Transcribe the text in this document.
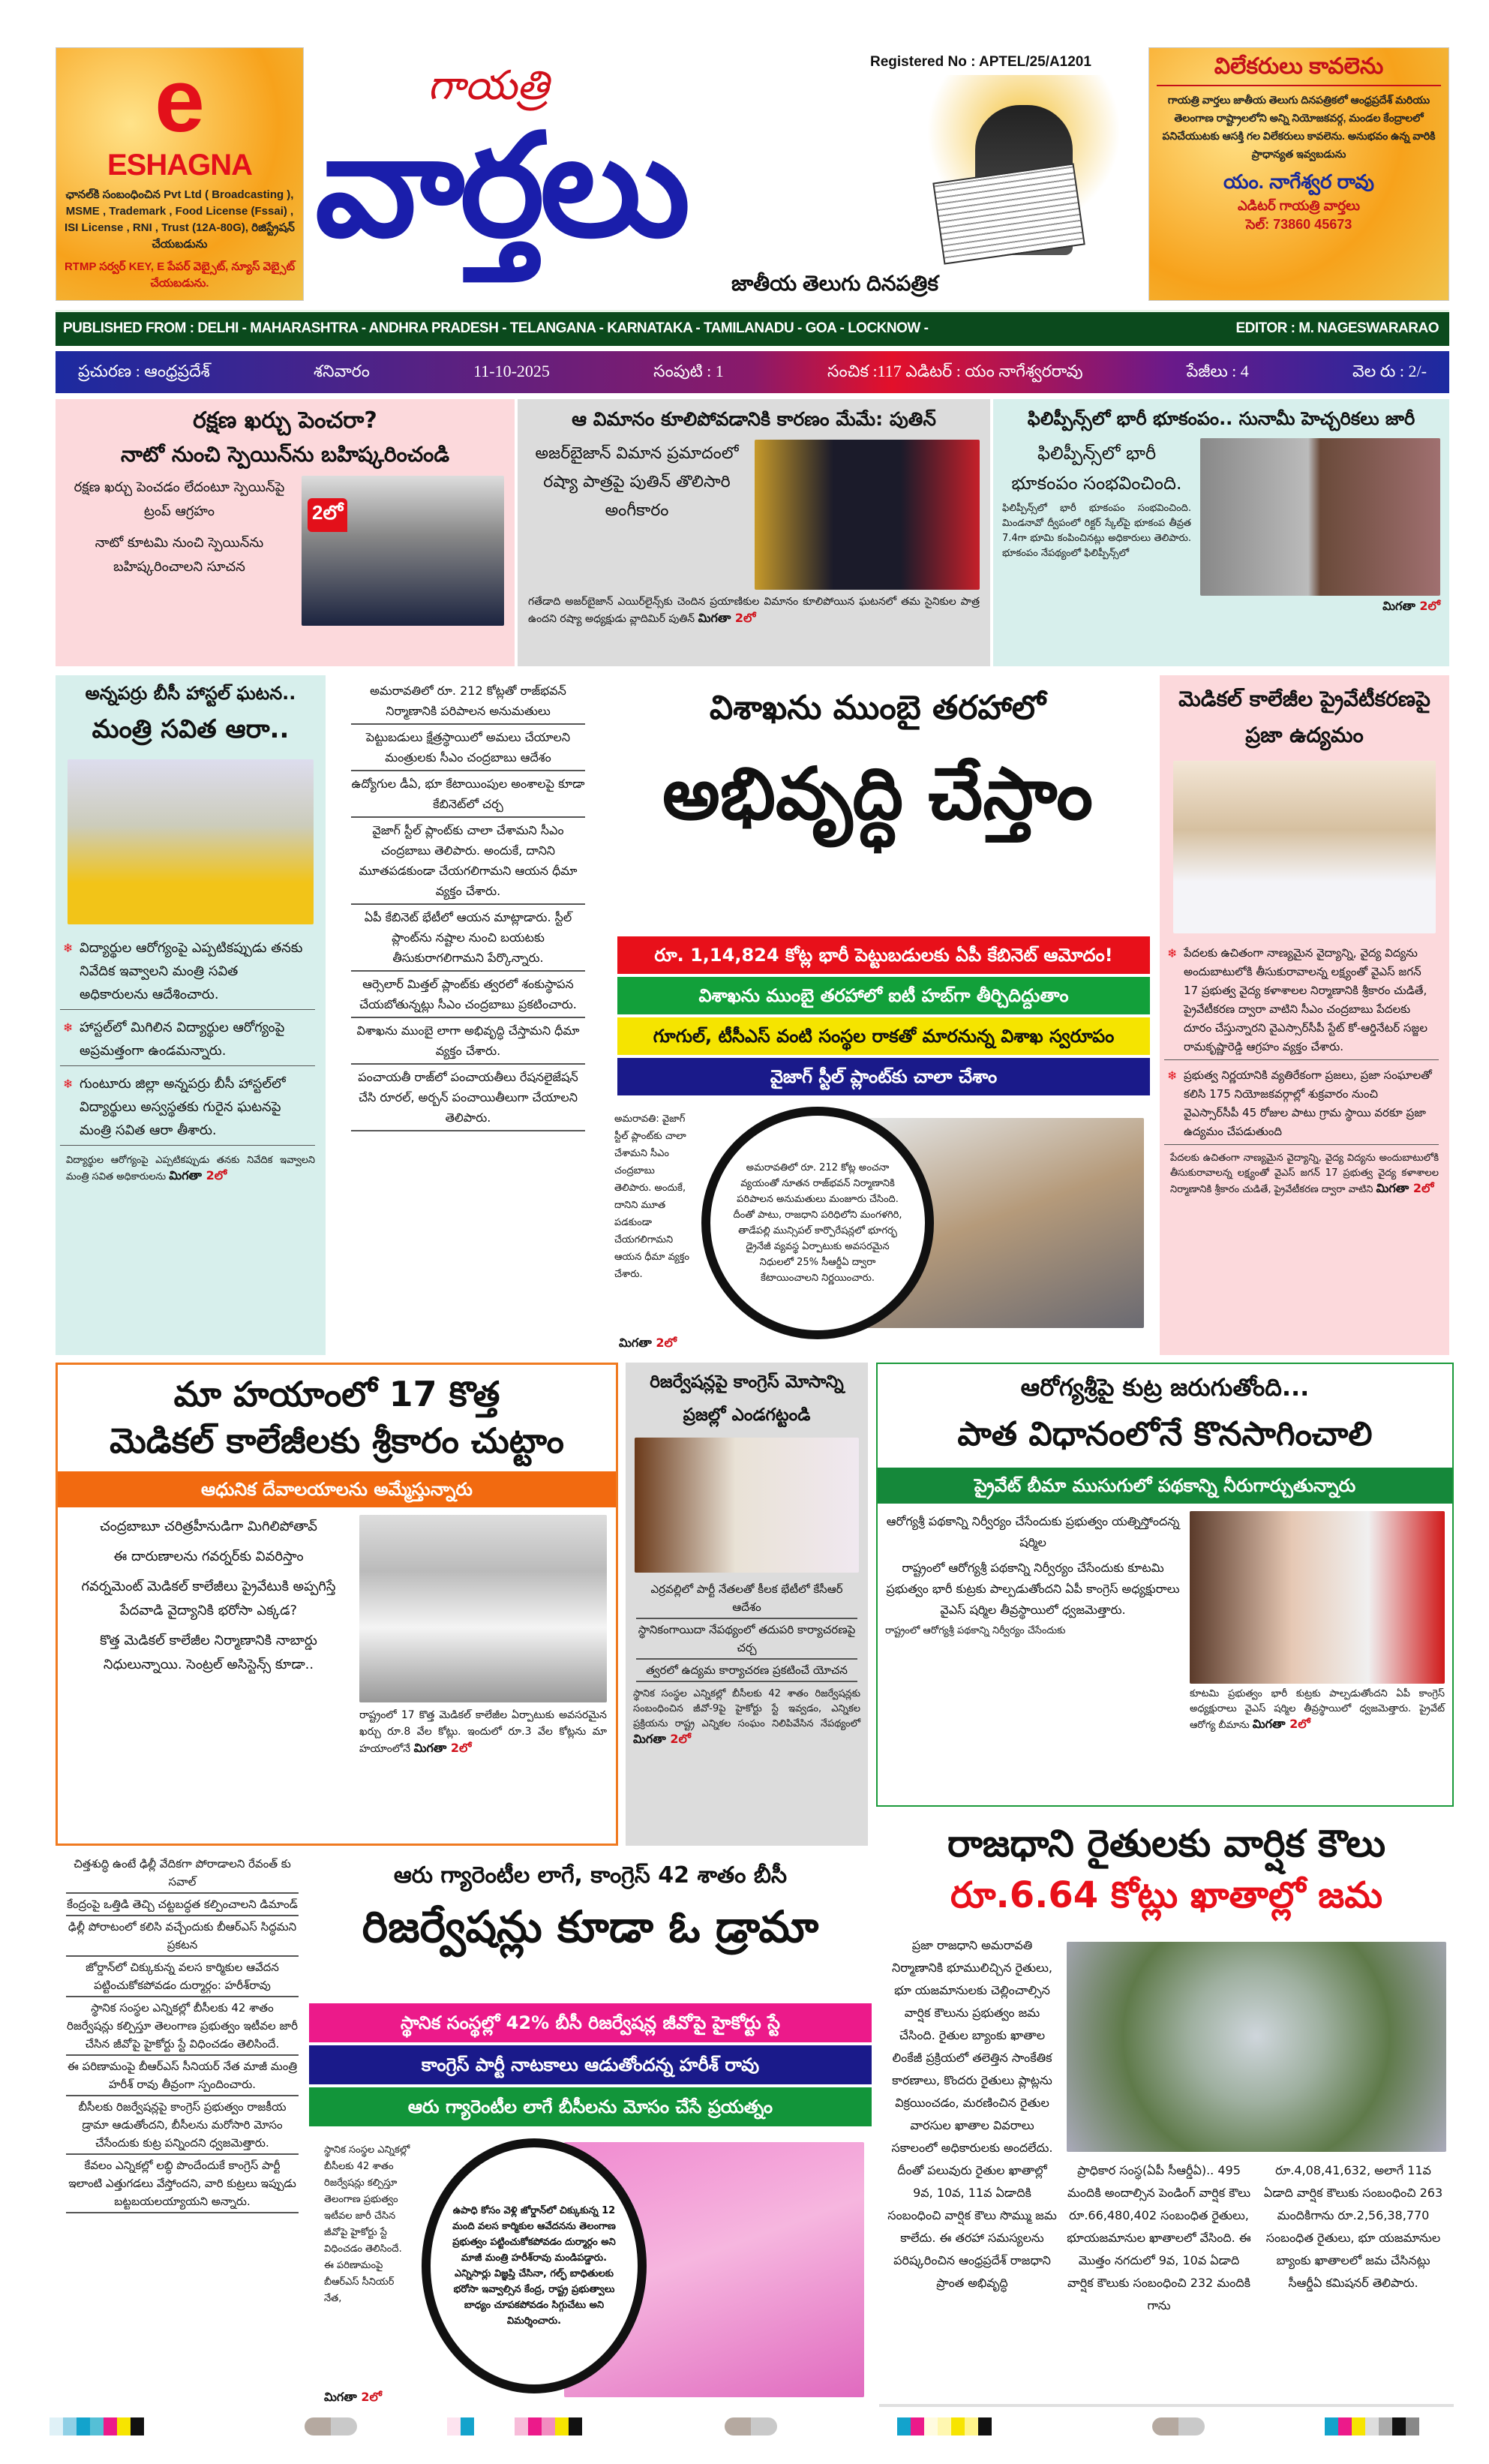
e
ESHAGNA
ఛానల్‌కి సంబంధించిన Pvt Ltd ( Broadcasting ), MSME , Trademark , Food License (Fssai) , ISI License , RNI , Trust (12A-80G), రిజిస్ట్రేషన్ చేయబడును
RTMP సర్వర్ KEY, E పేపర్ వెబ్సైట్, న్యూస్ వెబ్సైట్ చేయబడును.
Registered No : APTEL/25/A1201
గాయత్రి
వార్తలు
జాతీయ తెలుగు దినపత్రిక
విలేకరులు కావలెను
గాయత్రి వార్తలు జాతీయ తెలుగు దినపత్రికలో ఆంధ్రప్రదేశ్ మరియు తెలంగాణ రాష్ట్రాలలోని అన్ని నియోజకవర్గ, మండల కేంద్రాలలో పనిచేయుటకు ఆసక్తి గల విలేకరులు కావలెను. అనుభవం ఉన్న వారికి ప్రాధాన్యత ఇవ్వబడును
యం. నాగేశ్వర రావు
ఎడిటర్ గాయత్రి వార్తలు
సెల్: 73860 45673
PUBLISHED FROM : DELHI - MAHARASHTRA - ANDHRA PRADESH - TELANGANA - KARNATAKA - TAMILANADU - GOA - LOCKNOW -	EDITOR : M. NAGESWARARAO
ప్రచురణ : ఆంధ్రప్రదేశ్	శనివారం	11-10-2025	సంపుటి : 1	సంచిక :117 ఎడిటర్ : యం నాగేశ్వరరావు	పేజీలు : 4	వెల రు : 2/-
రక్షణ ఖర్చు పెంచరా?
నాటో నుంచి స్పెయిన్‌ను బహిష్కరించండి
రక్షణ ఖర్చు పెంచడం లేదంటూ స్పెయిన్‌పై ట్రంప్ ఆగ్రహం
నాటో కూటమి నుంచి స్పెయిన్‌ను బహిష్కరించాలని సూచన
2లో
ఆ విమానం కూలిపోవడానికి కారణం మేమే: పుతిన్
అజర్‌బైజాన్ విమాన ప్రమాదంలో రష్యా పాత్రపై పుతిన్ తొలిసారి అంగీకారం
గతేడాది అజర్‌బైజాన్ ఎయిర్‌లైన్స్‌కు చెందిన ప్రయాణికుల విమానం కూలిపోయిన ఘటనలో తమ సైనికుల పాత్ర ఉందని రష్యా అధ్యక్షుడు వ్లాదిమిర్ పుతిన్ మిగతా 2లో
ఫిలిప్పీన్స్‌లో భారీ భూకంపం.. సునామీ హెచ్చరికలు జారీ
ఫిలిప్పీన్స్‌లో భారీ భూకంపం సంభవించింది.
ఫిలిప్పీన్స్‌లో భారీ భూకంపం సంభవించింది. మిండనావో ద్వీపంలో రిక్టర్ స్కేల్‌పై భూకంప తీవ్రత 7.4గా భూమి కంపించినట్లు అధికారులు తెలిపారు. భూకంపం నేపథ్యంలో ఫిలిప్పీన్స్‌లో
మిగతా 2లో
అన్నపర్రు బీసీ హాస్టల్ ఘటన..
మంత్రి సవిత ఆరా..
❄ విద్యార్థుల ఆరోగ్యంపై ఎప్పటికప్పుడు తనకు నివేదిక ఇవ్వాలని మంత్రి సవిత అధికారులను ఆదేశించారు.
❄ హాస్టల్‌లో మిగిలిన విద్యార్థుల ఆరోగ్యంపై అప్రమత్తంగా ఉండమన్నారు.
❄ గుంటూరు జిల్లా అన్నపర్రు బీసీ హాస్టల్‌లో విద్యార్థులు అస్వస్థతకు గురైన ఘటనపై మంత్రి సవిత ఆరా తీశారు.
విద్యార్థుల ఆరోగ్యంపై ఎప్పటికప్పుడు తనకు నివేదిక ఇవ్వాలని మంత్రి సవిత అధికారులను మిగతా 2లో
అమరావతిలో రూ. 212 కోట్లతో రాజ్‌భవన్ నిర్మాణానికి పరిపాలన అనుమతులు
పెట్టుబడులు క్షేత్రస్థాయిలో అమలు చేయాలని మంత్రులకు సీఎం చంద్రబాబు ఆదేశం
ఉద్యోగుల డీఏ, భూ కేటాయింపుల అంశాలపై కూడా కేబినెట్‌లో చర్చ
వైజాగ్ స్టీల్ ప్లాంట్‌కు చాలా చేశామని సీఎం చంద్రబాబు తెలిపారు. అందుకే, దానిని మూతపడకుండా చేయగలిగామని ఆయన ధీమా వ్యక్తం చేశారు.
ఏపీ కేబినెట్ భేటీలో ఆయన మాట్లాడారు. స్టీల్ ప్లాంట్‌ను నష్టాల నుంచి బయటకు తీసుకురాగలిగామని పేర్కొన్నారు.
ఆర్సెలార్ మిత్తల్ ప్లాంట్‌కు త్వరలో శంకుస్థాపన చేయబోతున్నట్లు సీఎం చంద్రబాబు ప్రకటించారు.
విశాఖను ముంబై లాగా అభివృద్ధి చేస్తామని ధీమా వ్యక్తం చేశారు.
పంచాయతీ రాజ్‌లో పంచాయతీలు రేషనలైజేషన్ చేసి రూరల్, అర్బన్ పంచాయితీలుగా చేయాలని తెలిపారు.
విశాఖను ముంబై తరహాలో
అభివృద్ధి చేస్తాం
రూ. 1,14,824 కోట్ల భారీ పెట్టుబడులకు ఏపీ కేబినెట్ ఆమోదం!
విశాఖను ముంబై తరహాలో ఐటీ హబ్‌గా తీర్చిదిద్దుతాం
గూగుల్, టీసీఎస్ వంటి సంస్థల రాకతో మారనున్న విశాఖ స్వరూపం
వైజాగ్ స్టీల్ ప్లాంట్‌కు చాలా చేశాం
అమరావతి: వైజాగ్ స్టీల్ ప్లాంట్‌కు చాలా చేశామని సీఎం చంద్రబాబు తెలిపారు. అందుకే, దానిని మూత పడకుండా చేయగలిగామని ఆయన ధీమా వ్యక్తం చేశారు.
అమరావతిలో రూ. 212 కోట్ల అంచనా వ్యయంతో నూతన రాజ్‌భవన్ నిర్మాణానికి పరిపాలన అనుమతులు మంజూరు చేసింది. దీంతో పాటు, రాజధాని పరిధిలోని మంగళగిరి, తాడేపల్లి మున్సిపల్ కార్పొరేషన్లలో భూగర్భ డ్రైనేజీ వ్యవస్థ ఏర్పాటుకు అవసరమైన నిధులలో 25% సీఆర్డీఏ ద్వారా కేటాయించాలని నిర్ణయించారు.
మిగతా 2లో
మెడికల్ కాలేజీల ప్రైవేటీకరణపై ప్రజా ఉద్యమం
❄ పేదలకు ఉచితంగా నాణ్యమైన వైద్యాన్ని, వైద్య విద్యను అందుబాటులోకి తీసుకురావాలన్న లక్ష్యంతో వైఎస్ జగన్ 17 ప్రభుత్వ వైద్య కళాశాలల నిర్మాణానికి శ్రీకారం చుడితే, ప్రైవేటీకరణ ద్వారా వాటిని సీఎం చంద్రబాబు పేదలకు దూరం చేస్తున్నారని వైఎస్సార్‌సీపీ స్టేట్ కో-ఆర్డినేటర్ సజ్జల రామకృష్ణారెడ్డి ఆగ్రహం వ్యక్తం చేశారు.
❄ ప్రభుత్వ నిర్ణయానికి వ్యతిరేకంగా ప్రజలు, ప్రజా సంఘాలతో కలిసి 175 నియోజకవర్గాల్లో శుక్రవారం నుంచి వైఎస్సార్‌సీపీ 45 రోజుల పాటు గ్రామ స్థాయి వరకూ ప్రజా ఉద్యమం చేపడుతుంది
పేదలకు ఉచితంగా నాణ్యమైన వైద్యాన్ని, వైద్య విద్యను అందుబాటులోకి తీసుకురావాలన్న లక్ష్యంతో వైఎస్ జగన్ 17 ప్రభుత్వ వైద్య కళాశాలల నిర్మాణానికి శ్రీకారం చుడితే, ప్రైవేటీకరణ ద్వారా వాటిని మిగతా 2లో
మా హయాంలో 17 కొత్త
మెడికల్ కాలేజీలకు శ్రీకారం చుట్టాం
ఆధునిక దేవాలయాలను అమ్మేస్తున్నారు
చంద్రబాబూ చరిత్రహీనుడిగా మిగిలిపోతావ్
ఈ దారుణాలను గవర్నర్‌కు వివరిస్తాం
గవర్నమెంట్ మెడికల్ కాలేజీలు ప్రైవేటుకి అప్పగిస్తే పేదవాడి వైద్యానికి భరోసా ఎక్కడ?
కొత్త మెడికల్ కాలేజీల నిర్మాణానికి నాబార్డు నిధులున్నాయి. సెంట్రల్ అసిస్టెన్స్ కూడా..
రాష్ట్రంలో 17 కొత్త మెడికల్ కాలేజీల ఏర్పాటుకు అవసరమైన ఖర్చు రూ.8 వేల కోట్లు. ఇందులో రూ.3 వేల కోట్లను మా హయాంలోనే మిగతా 2లో
రిజర్వేషన్లపై కాంగ్రెస్ మోసాన్ని ప్రజల్లో ఎండగట్టండి
ఎర్రవల్లిలో పార్టీ నేతలతో కీలక భేటీలో కేసీఆర్ ఆదేశం
స్థానికంగాయిదా నేపథ్యంలో తదుపరి కార్యాచరణపై చర్చ
త్వరలో ఉద్యమ కార్యాచరణ ప్రకటించే యోచన
స్థానిక సంస్థల ఎన్నికల్లో బీసీలకు 42 శాతం రిజర్వేషన్లకు సంబంధించిన జీవో-9పై హైకోర్టు స్టే ఇవ్వడం, ఎన్నికల ప్రక్రియను రాష్ట్ర ఎన్నికల సంఘం నిలిపివేసిన నేపథ్యంలో మిగతా 2లో
ఆరోగ్యశ్రీపై కుట్ర జరుగుతోంది...
పాత విధానంలోనే కొనసాగించాలి
ప్రైవేట్ బీమా ముసుగులో పథకాన్ని నీరుగార్చుతున్నారు
ఆరోగ్యశ్రీ పథకాన్ని నిర్వీర్యం చేసేందుకు ప్రభుత్వం యత్నిస్తోందన్న షర్మిల
రాష్ట్రంలో ఆరోగ్యశ్రీ పథకాన్ని నిర్వీర్యం చేసేందుకు కూటమి ప్రభుత్వం భారీ కుట్రకు పాల్పడుతోందని ఏపీ కాంగ్రెస్ అధ్యక్షురాలు వైఎస్ షర్మిల తీవ్రస్థాయిలో ధ్వజమెత్తారు.
రాష్ట్రంలో ఆరోగ్యశ్రీ పథకాన్ని నిర్వీర్యం చేసేందుకు
కూటమి ప్రభుత్వం భారీ కుట్రకు పాల్పడుతోందని ఏపీ కాంగ్రెస్ అధ్యక్షురాలు వైఎస్ షర్మిల తీవ్రస్థాయిలో ధ్వజమెత్తారు. ప్రైవేట్ ఆరోగ్య బీమాను మిగతా 2లో
చిత్తశుద్ధి ఉంటే ఢిల్లీ వేదికగా పోరాడాలని రేవంత్ కు సవాల్
కేంద్రంపై ఒత్తిడి తెచ్చి చట్టబద్ధత కల్పించాలని డిమాండ్
ఢిల్లీ పోరాటంలో కలిసి వచ్చేందుకు బీఆర్ఎస్ సిద్ధమని ప్రకటన
జోర్డాన్‌లో చిక్కుకున్న వలస కార్మికుల ఆవేదన పట్టించుకోకపోవడం దుర్మార్గం: హరీశ్‌రావు
స్థానిక సంస్థల ఎన్నికల్లో బీసీలకు 42 శాతం రిజర్వేషన్లు కల్పిస్తూ తెలంగాణ ప్రభుత్వం ఇటీవల జారీ చేసిన జీవోపై హైకోర్టు స్టే విధించడం తెలిసిందే.
ఈ పరిణామంపై బీఆర్ఎస్ సీనియర్ నేత మాజీ మంత్రి హరీశ్ రావు తీవ్రంగా స్పందించారు.
బీసీలకు రిజర్వేషన్లపై కాంగ్రెస్ ప్రభుత్వం రాజకీయ డ్రామా ఆడుతోందని, బీసీలను మరోసారి మోసం చేసేందుకు కుట్ర పన్నిందని ధ్వజమెత్తారు.
కేవలం ఎన్నికల్లో లబ్ధి పొందేందుకే కాంగ్రెస్ పార్టీ ఇలాంటి ఎత్తుగడలు వేస్తోందని, వారి కుట్రలు ఇప్పుడు బట్టబయలయ్యాయని అన్నారు.
ఆరు గ్యారెంటీల లాగే, కాంగ్రెస్ 42 శాతం బీసీ
రిజర్వేషన్లు కూడా ఓ డ్రామా
స్థానిక సంస్థల్లో 42% బీసీ రిజర్వేషన్ల జీవోపై హైకోర్టు స్టే
కాంగ్రెస్ పార్టీ నాటకాలు ఆడుతోందన్న హరీశ్ రావు
ఆరు గ్యారెంటీల లాగే బీసీలను మోసం చేసే ప్రయత్నం
స్థానిక సంస్థల ఎన్నికల్లో బీసీలకు 42 శాతం రిజర్వేషన్లు కల్పిస్తూ తెలంగాణ ప్రభుత్వం ఇటీవల జారీ చేసిన జీవోపై హైకోర్టు స్టే విధించడం తెలిసిందే. ఈ పరిణామంపై బీఆర్ఎస్ సీనియర్ నేత,
ఉపాధి కోసం వెళ్లి జోర్డాన్‌లో చిక్కుకున్న 12 మంది వలస కార్మికుల ఆవేదనను తెలంగాణ ప్రభుత్వం పట్టించుకోకపోవడం దుర్మార్గం అని మాజీ మంత్రి హరీశ్‌రావు మండిపడ్డారు. ఎన్నిసార్లు విజ్ఞప్తి చేసినా, గల్ఫ్ బాధితులకు భరోసా ఇవ్వాల్సిన కేంద్ర, రాష్ట్ర ప్రభుత్వాలు బాధ్యం చూపకపోవడం సిగ్గుచేటు అని విమర్శించారు.
మిగతా 2లో
రాజధాని రైతులకు వార్షిక కౌలు
రూ.6.64 కోట్లు ఖాతాల్లో జమ
ప్రజా రాజధాని అమరావతి నిర్మాణానికి భూములిచ్చిన రైతులు, భూ యజమానులకు చెల్లించాల్సిన వార్షిక కౌలును ప్రభుత్వం జమ చేసింది. రైతుల బ్యాంకు ఖాతాల లింకేజీ ప్రక్రియలో తలెత్తిన సాంకేతిక కారణాలు, కొందరు రైతులు ప్లాట్లను విక్రయించడం, మరణించిన రైతుల వారసుల ఖాతాల వివరాలు సకాలంలో అధికారులకు అందలేదు. దీంతో పలువురు రైతుల ఖాతాల్లో 9వ, 10వ, 11వ ఏడాదికి సంబంధించి వార్షిక కౌలు సొమ్ము జమ కాలేదు. ఈ తరహా సమస్యలను పరిష్కరించిన ఆంధ్రప్రదేశ్ రాజధాని ప్రాంత అభివృద్ధి
ప్రాధికార సంస్థ(ఏపీ సీఆర్డీఏ).. 495 మందికి అందాల్సిన పెండింగ్ వార్షిక కౌలు రూ.66,480,402 సంబంధిత రైతులు, భూయజమానుల ఖాతాలలో వేసింది. ఈ మొత్తం నగదులో 9వ, 10వ ఏడాది వార్షిక కౌలుకు సంబంధించి 232 మందికి గాను
రూ.4,08,41,632, అలాగే 11వ ఏడాది వార్షిక కౌలుకు సంబంధించి 263 మందికిగాను రూ.2,56,38,770 సంబంధిత రైతులు, భూ యజమానుల బ్యాంకు ఖాతాలలో జమ చేసినట్లు సీఆర్డీఏ కమిషనర్ తెలిపారు.
